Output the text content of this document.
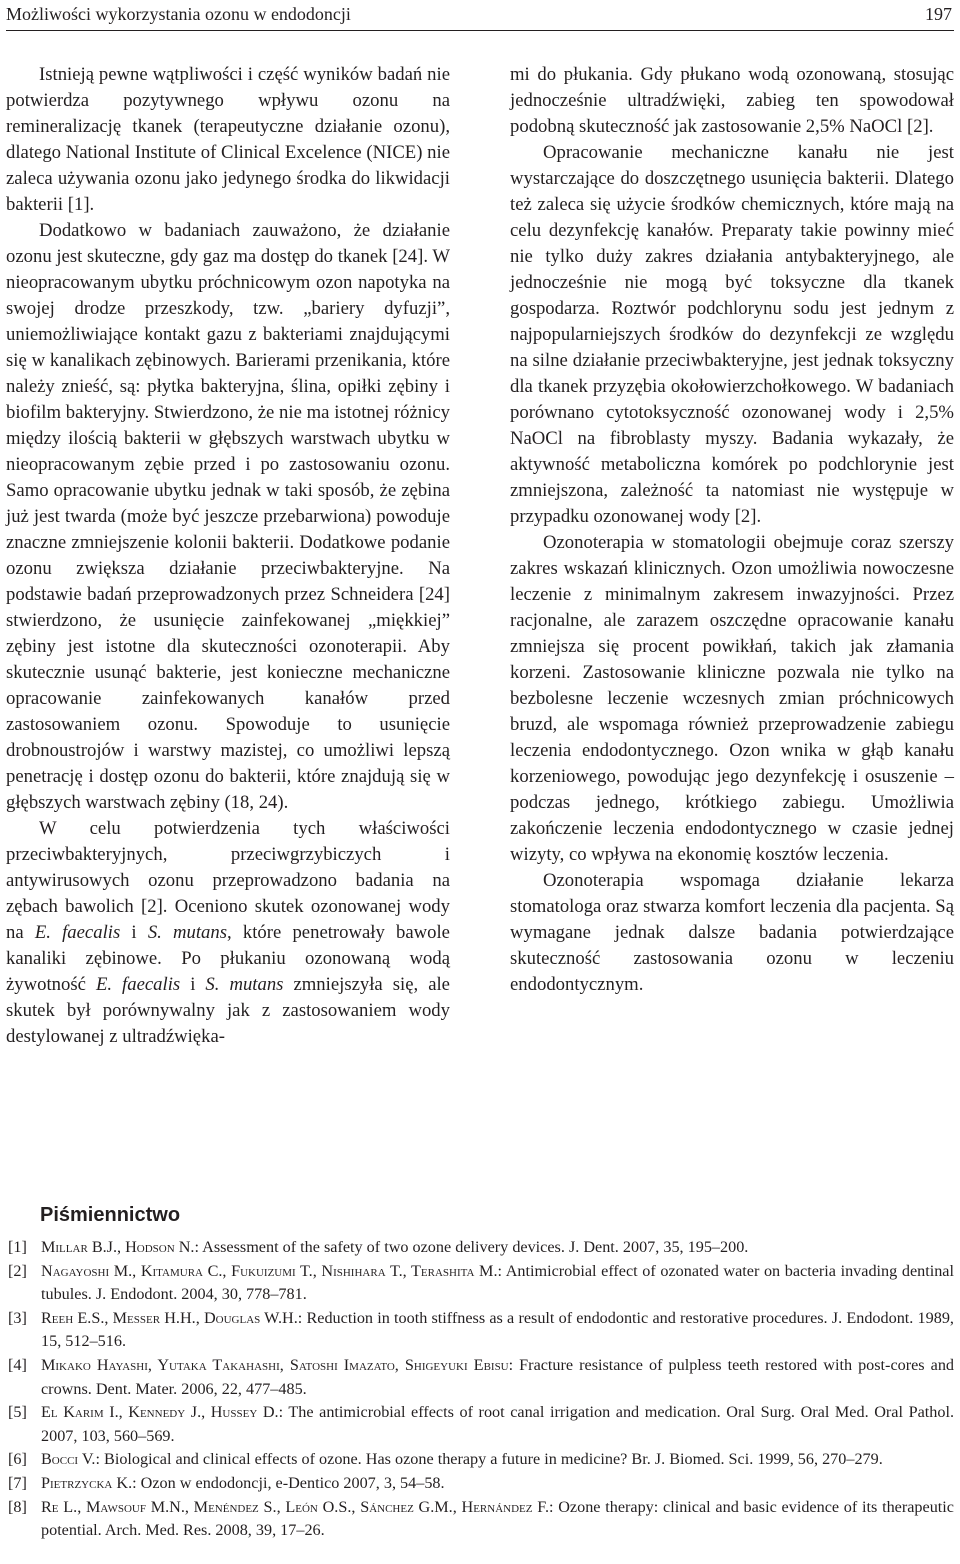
Możliwości wykorzystania ozonu w endodoncji	197

Istnieją pewne wątpliwości i część wyników badań nie potwierdza pozytywnego wpływu ozonu na remineralizację tkanek (terapeutyczne działanie ozonu), dlatego National Institute of Clinical Excelence (NICE) nie zaleca używania ozonu jako jedynego środka do likwidacji bakterii [1].

Dodatkowo w badaniach zauważono, że działanie ozonu jest skuteczne, gdy gaz ma dostęp do tkanek [24]. W nieopracowanym ubytku próchnicowym ozon napotyka na swojej drodze przeszkody, tzw. „bariery dyfuzji”, uniemożliwiające kontakt gazu z bakteriami znajdującymi się w kanalikach zębinowych. Barierami przenikania, które należy znieść, są: płytka bakteryjna, ślina, opiłki zębiny i biofilm bakteryjny. Stwierdzono, że nie ma istotnej różnicy między ilością bakterii w głębszych warstwach ubytku w nieopracowanym zębie przed i po zastosowaniu ozonu. Samo opracowanie ubytku jednak w taki sposób, że zębina już jest twarda (może być jeszcze przebarwiona) powoduje znaczne zmniejszenie kolonii bakterii. Dodatkowe podanie ozonu zwiększa działanie przeciwbakteryjne. Na podstawie badań przeprowadzonych przez Schneidera [24] stwierdzono, że usunięcie zainfekowanej „miękkiej” zębiny jest istotne dla skuteczności ozonoterapii. Aby skutecznie usunąć bakterie, jest konieczne mechaniczne opracowanie zainfekowanych kanałów przed zastosowaniem ozonu. Spowoduje to usunięcie drobnoustrojów i warstwy mazistej, co umożliwi lepszą penetrację i dostęp ozonu do bakterii, które znajdują się w głębszych warstwach zębiny (18, 24).

W celu potwierdzenia tych właściwości przeciwbakteryjnych, przeciwgrzybiczych i antywirusowych ozonu przeprowadzono badania na zębach bawolich [2]. Oceniono skutek ozonowanej wody na E. faecalis i S. mutans, które penetrowały bawole kanaliki zębinowe. Po płukaniu ozonowaną wodą żywotność E. faecalis i S. mutans zmniejszyła się, ale skutek był porównywalny jak z zastosowaniem wody destylowanej z ultradźwięka-

mi do płukania. Gdy płukano wodą ozonowaną, stosując jednocześnie ultradźwięki, zabieg ten spowodował podobną skuteczność jak zastosowanie 2,5% NaOCl [2].

Opracowanie mechaniczne kanału nie jest wystarczające do doszczętnego usunięcia bakterii. Dlatego też zaleca się użycie środków chemicznych, które mają na celu dezynfekcję kanałów. Preparaty takie powinny mieć nie tylko duży zakres działania antybakteryjnego, ale jednocześnie nie mogą być toksyczne dla tkanek gospodarza. Roztwór podchlorynu sodu jest jednym z najpopularniejszych środków do dezynfekcji ze względu na silne działanie przeciwbakteryjne, jest jednak toksyczny dla tkanek przyzębia okołowierzchołkowego. W badaniach porównano cytotoksyczność ozonowanej wody i 2,5% NaOCl na fibroblasty myszy. Badania wykazały, że aktywność metaboliczna komórek po podchlorynie jest zmniejszona, zależność ta natomiast nie występuje w przypadku ozonowanej wody [2].

Ozonoterapia w stomatologii obejmuje coraz szerszy zakres wskazań klinicznych. Ozon umożliwia nowoczesne leczenie z minimalnym zakresem inwazyjności. Przez racjonalne, ale zarazem oszczędne opracowanie kanału zmniejsza się procent powikłań, takich jak złamania korzeni. Zastosowanie kliniczne pozwala nie tylko na bezbolesne leczenie wczesnych zmian próchnicowych bruzd, ale wspomaga również przeprowadzenie zabiegu leczenia endodontycznego. Ozon wnika w głąb kanału korzeniowego, powodując jego dezynfekcję i osuszenie – podczas jednego, krótkiego zabiegu. Umożliwia zakończenie leczenia endodontycznego w czasie jednej wizyty, co wpływa na ekonomię kosztów leczenia.

Ozonoterapia wspomaga działanie lekarza stomatologa oraz stwarza komfort leczenia dla pacjenta. Są wymagane jednak dalsze badania potwierdzające skuteczność zastosowania ozonu w leczeniu endodontycznym.

Piśmiennictwo
[1] Millar B.J., Hodson N.: Assessment of the safety of two ozone delivery devices. J. Dent. 2007, 35, 195–200.
[2] Nagayoshi M., Kitamura C., Fukuizumi T., Nishihara T., Terashita M.: Antimicrobial effect of ozonated water on bacteria invading dentinal tubules. J. Endodont. 2004, 30, 778–781.
[3] Reeh E.S., Messer H.H., Douglas W.H.: Reduction in tooth stiffness as a result of endodontic and restorative procedures. J. Endodont. 1989, 15, 512–516.
[4] Mikako Hayashi, Yutaka Takahashi, Satoshi Imazato, Shigeyuki Ebisu: Fracture resistance of pulpless teeth restored with post-cores and crowns. Dent. Mater. 2006, 22, 477–485.
[5] El Karim I., Kennedy J., Hussey D.: The antimicrobial effects of root canal irrigation and medication. Oral Surg. Oral Med. Oral Pathol. 2007, 103, 560–569.
[6] Bocci V.: Biological and clinical effects of ozone. Has ozone therapy a future in medicine? Br. J. Biomed. Sci. 1999, 56, 270–279.
[7] Pietrzycka K.: Ozon w endodoncji, e-Dentico 2007, 3, 54–58.
[8] Re L., Mawsouf M.N., Menéndez S., León O.S., Sánchez G.M., Hernández F.: Ozone therapy: clinical and basic evidence of its therapeutic potential. Arch. Med. Res. 2008, 39, 17–26.
